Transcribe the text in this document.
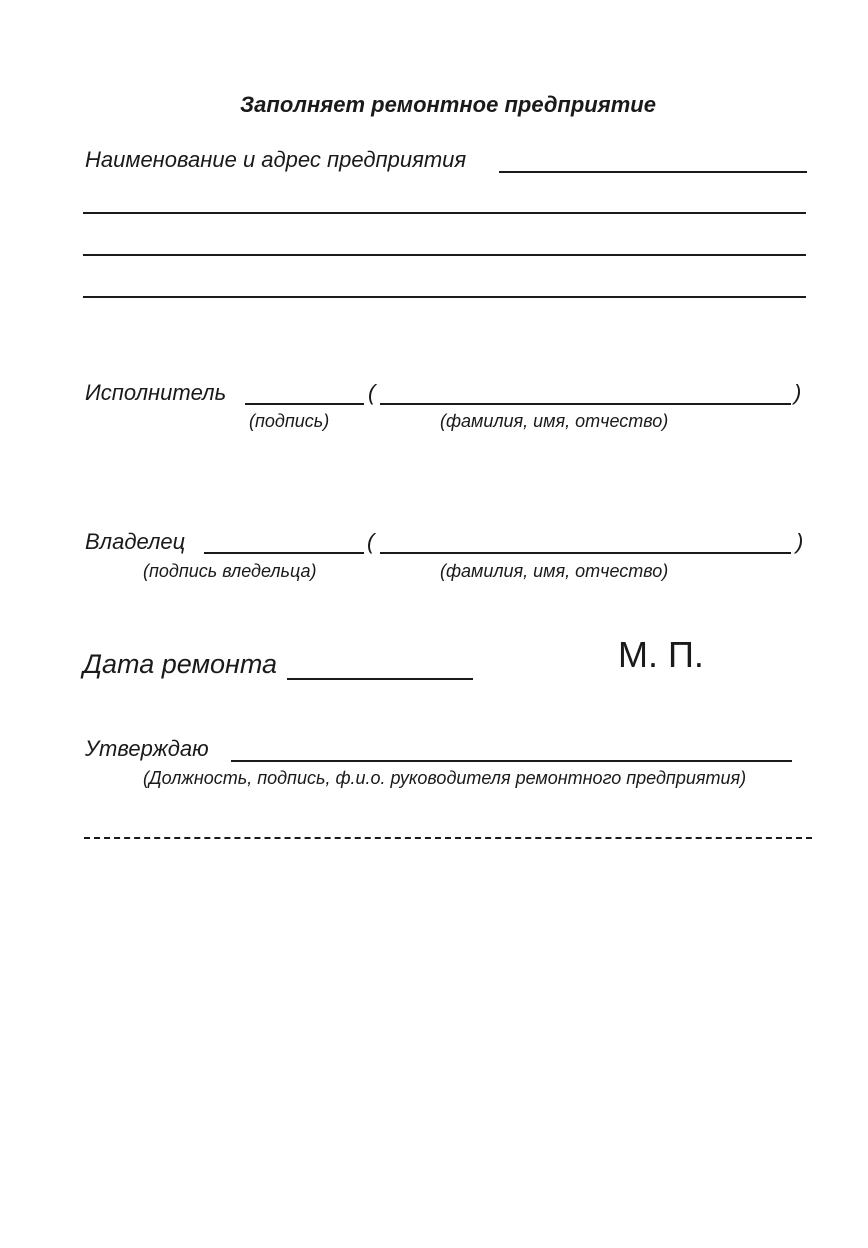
Заполняет ремонтное предприятие
Наименование и адрес предприятия
Исполнитель	(	)
(подпись)	(фамилия, имя, отчество)
Владелец	(	)
(подпись вледельца)	(фамилия, имя, отчество)
Дата ремонта	М. П.
Утверждаю
(Должность, подпись, ф.и.о. руководителя ремонтного предприятия)
